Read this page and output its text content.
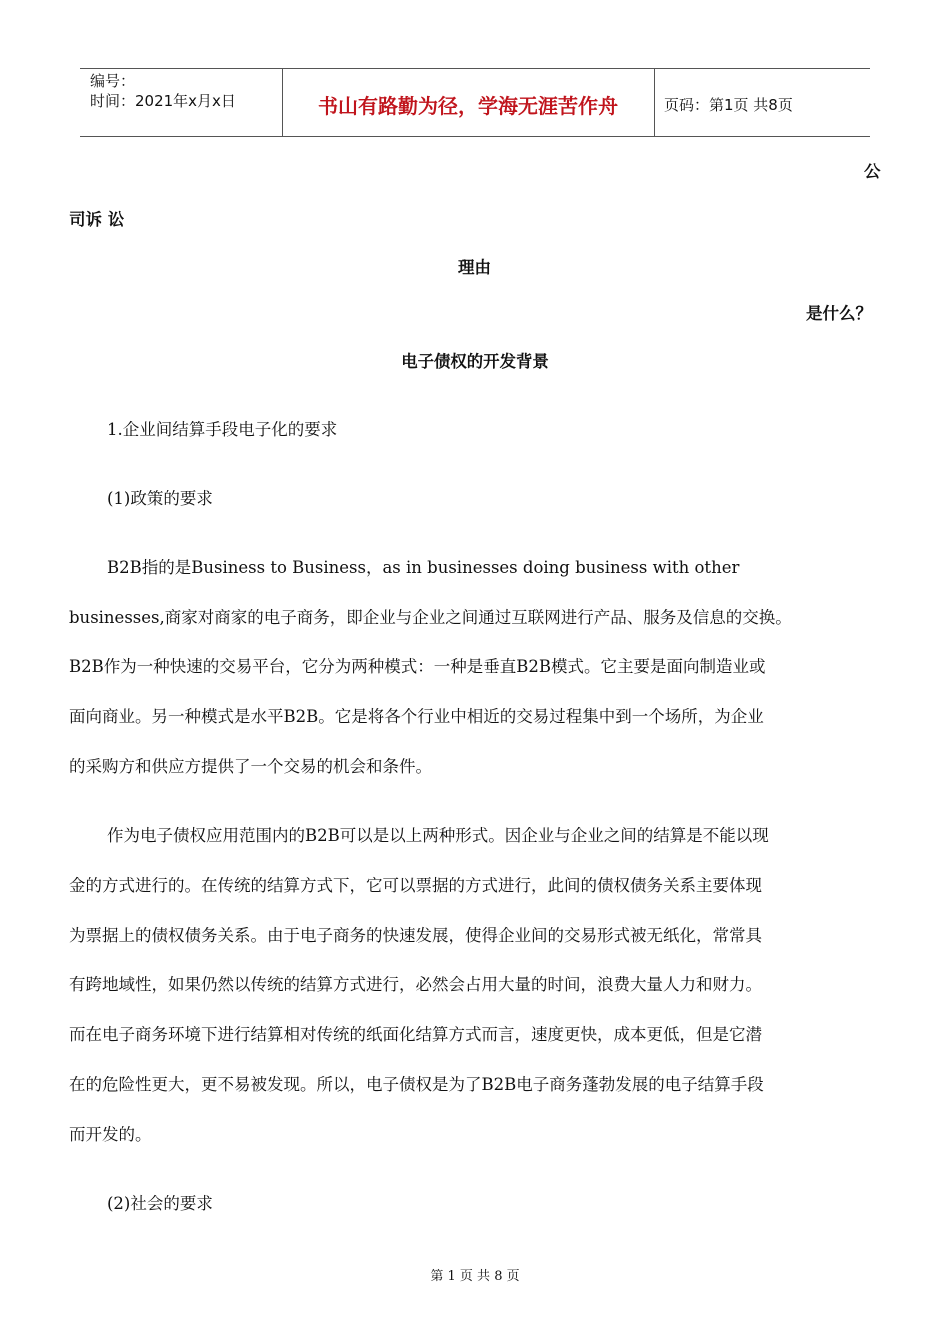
编号：
时间：2021年x月x日	书山有路勤为径，学海无涯苦作舟	页码：第1页 共8页
公
司诉 讼
理由
是什么？
电子债权的开发背景
1.企业间结算手段电子化的要求
(1)政策的要求
B2B指的是Business to Business，as in businesses doing business with other
businesses,商家对商家的电子商务，即企业与企业之间通过互联网进行产品、服务及信息的交换。
B2B作为一种快速的交易平台，它分为两种模式：一种是垂直B2B模式。它主要是面向制造业或
面向商业。另一种模式是水平B2B。它是将各个行业中相近的交易过程集中到一个场所，为企业
的采购方和供应方提供了一个交易的机会和条件。
作为电子债权应用范围内的B2B可以是以上两种形式。因企业与企业之间的结算是不能以现
金的方式进行的。在传统的结算方式下，它可以票据的方式进行，此间的债权债务关系主要体现
为票据上的债权债务关系。由于电子商务的快速发展，使得企业间的交易形式被无纸化，常常具
有跨地域性，如果仍然以传统的结算方式进行，必然会占用大量的时间，浪费大量人力和财力。
而在电子商务环境下进行结算相对传统的纸面化结算方式而言，速度更快，成本更低，但是它潜
在的危险性更大，更不易被发现。所以，电子债权是为了B2B电子商务蓬勃发展的电子结算手段
而开发的。
(2)社会的要求
第 1 页 共 8 页
